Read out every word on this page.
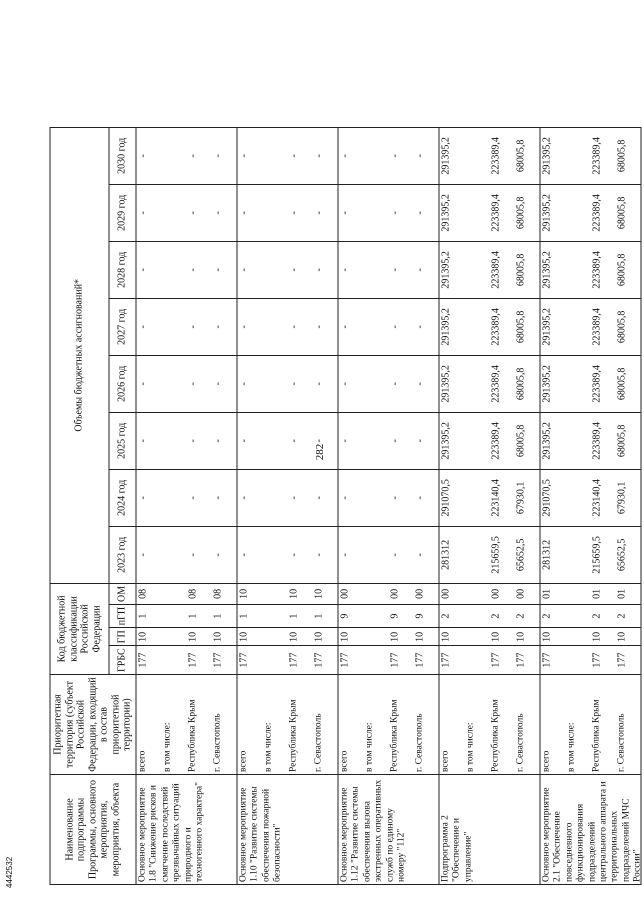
282
Наименование подпрограммы Программы, основного мероприятия, мероприятия, объекта	Приоритетная территория (субъект Российской Федерации, входящий в состав приоритетной территории)	Код бюджетной классификации Российской Федерации				Объемы бюджетных ассигнований*							
		ГРБС	ГП	пГП	ОМ	2023 год	2024 год	2025 год	2026 год	2027 год	2028 год	2029 год	2030 год

Основное мероприятие 1.8 "Снижение рисков и смягчение последствий чрезвычайных ситуаций природного и техногенного характера"	всего	177	10	1	08	-	-	-	-	-	-	-	-
	в том числе:												
	Республика Крым	177	10	1	08	-	-	-	-	-	-	-	-
	г. Севастополь	177	10	1	08	-	-	-	-	-	-	-	-

Основное мероприятие 1.10 "Развитие системы обеспечения пожарной безопасности"	всего	177	10	1	10	-	-	-	-	-	-	-	-
	в том числе:												
	Республика Крым	177	10	1	10	-	-	-	-	-	-	-	-
	г. Севастополь	177	10	1	10	-	-	-	-	-	-	-	-

Основное мероприятие 1.12 "Развитие системы обеспечения вызова экстренных оперативных служб по единому номеру "112"	всего	177	10	9	00	-	-	-	-	-	-	-	-
	в том числе:												
	Республика Крым	177	10	9	00	-	-	-	-	-	-	-	-
	г. Севастополь	177	10	9	00	-	-	-	-	-	-	-	-

Подпрограмма 2 "Обеспечение и управление"	всего	177	10	2	00	281312	291070,5	291395,2	291395,2	291395,2	291395,2	291395,2	291395,2
	в том числе:												
	Республика Крым	177	10	2	00	215659,5	223140,4	223389,4	223389,4	223389,4	223389,4	223389,4	223389,4
	г. Севастополь	177	10	2	00	65652,5	67930,1	68005,8	68005,8	68005,8	68005,8	68005,8	68005,8

Основное мероприятие 2.1 "Обеспечение повседневного функционирования подразделений центрального аппарата и территориальных подразделений МЧС России"	всего	177	10	2	01	281312	291070,5	291395,2	291395,2	291395,2	291395,2	291395,2	291395,2
	в том числе:												
	Республика Крым	177	10	2	01	215659,5	223140,4	223389,4	223389,4	223389,4	223389,4	223389,4	223389,4
	г. Севастополь	177	10	2	01	65652,5	67930,1	68005,8	68005,8	68005,8	68005,8	68005,8	68005,8
4442532
